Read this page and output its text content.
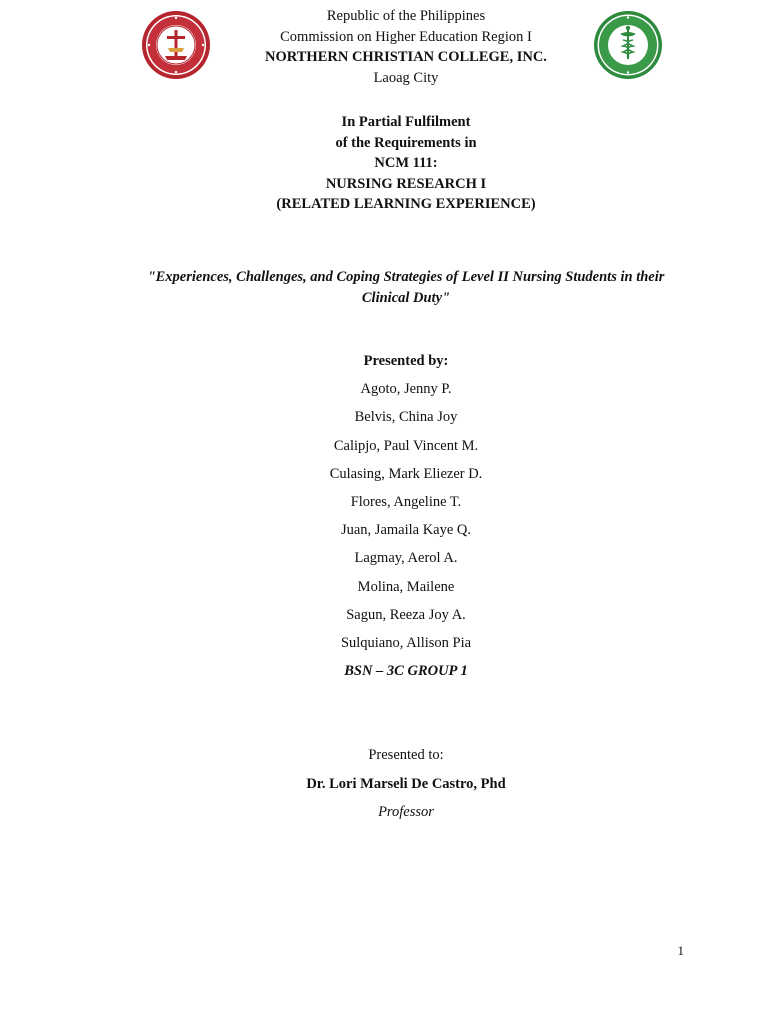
Republic of the Philippines
Commission on Higher Education Region I
NORTHERN CHRISTIAN COLLEGE, INC.
Laoag City
In Partial Fulfilment
of the Requirements in
NCM 111:
NURSING RESEARCH I
(RELATED LEARNING EXPERIENCE)
"Experiences, Challenges, and Coping Strategies of Level II Nursing Students in their
Clinical Duty"
Presented by:
Agoto, Jenny P.
Belvis, China Joy
Calipjo, Paul Vincent M.
Culasing, Mark Eliezer D.
Flores, Angeline T.
Juan, Jamaila Kaye Q.
Lagmay, Aerol A.
Molina, Mailene
Sagun, Reeza Joy A.
Sulquiano, Allison Pia
BSN – 3C GROUP 1
Presented to:
Dr. Lori Marseli De Castro, Phd
Professor
1
